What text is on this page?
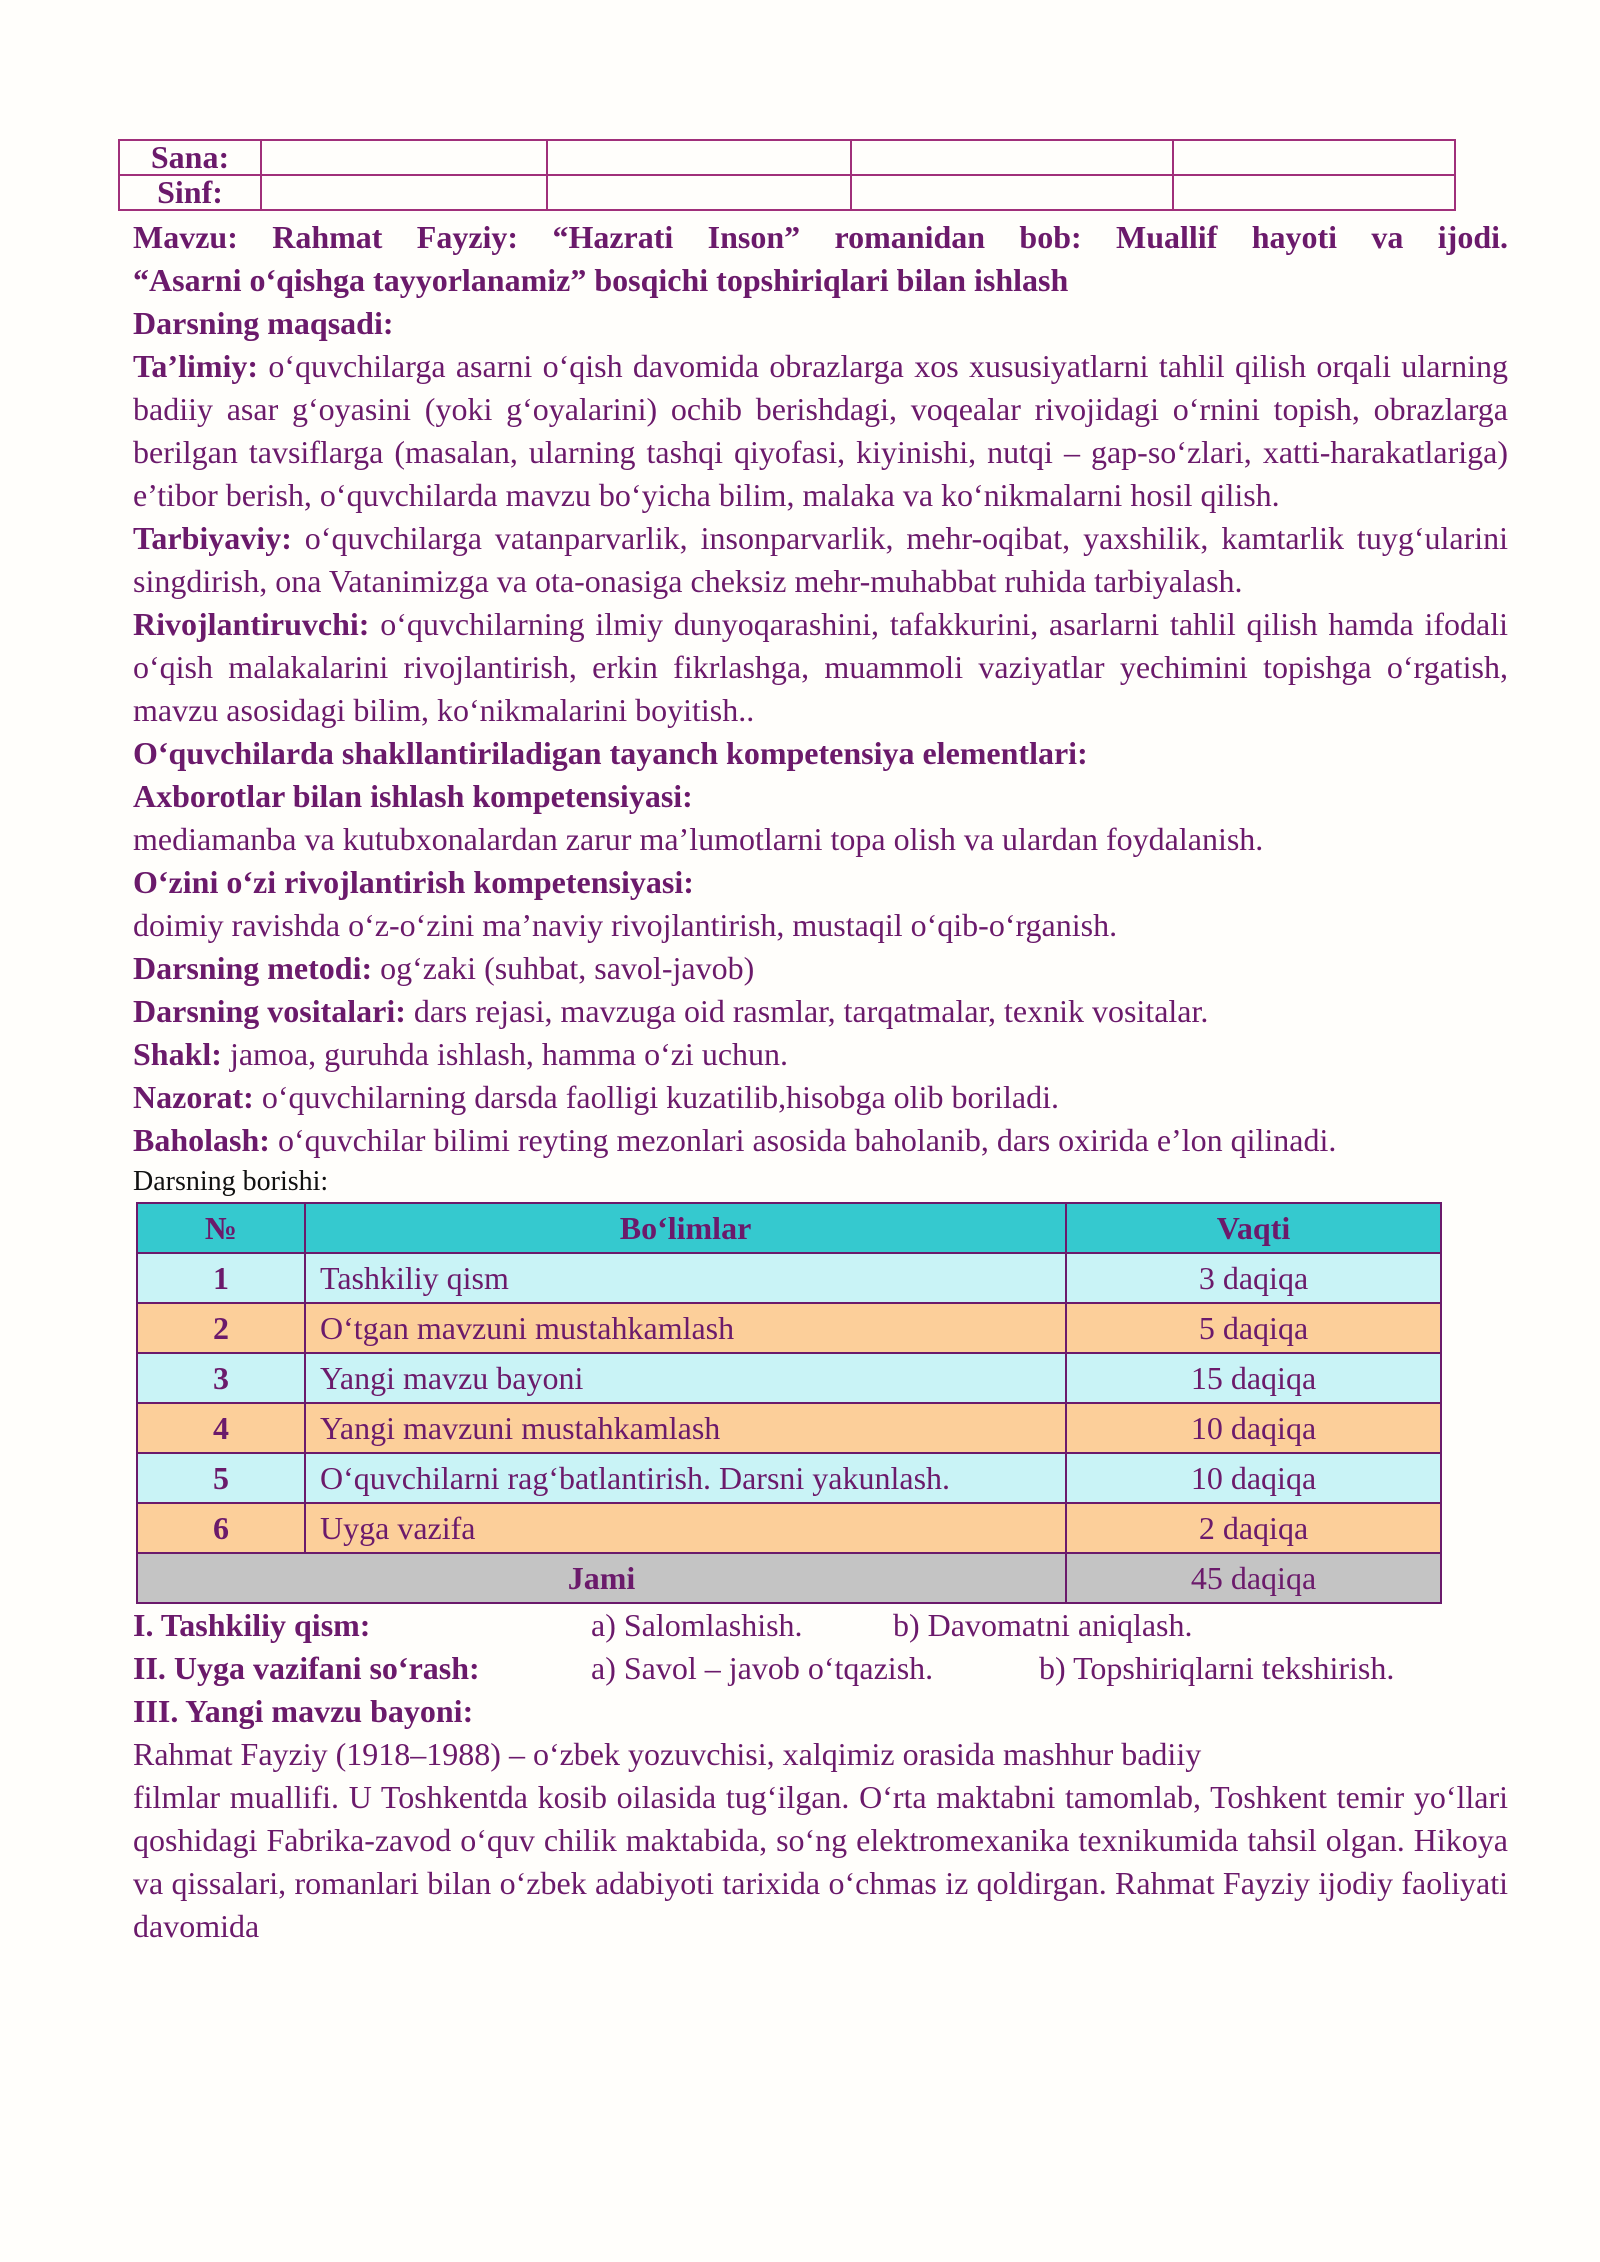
Sana:				
Sinf:				

Mavzu: Rahmat Fayziy: “Hazrati Inson” romanidan bob: Muallif hayoti va ijodi.

“Asarni o‘qishga tayyorlanamiz” bosqichi topshiriqlari bilan ishlash

Darsning maqsadi:

Ta’limiy: o‘quvchilarga asarni o‘qish davomida obrazlarga xos xususiyatlarni tahlil qilish orqali ularning badiiy asar g‘oyasini (yoki g‘oyalarini) ochib berishdagi, voqealar rivojidagi o‘rnini topish, obrazlarga berilgan tavsiflarga (masalan, ularning tashqi qiyofasi, kiyinishi, nutqi – gap-so‘zlari, xatti-harakatlariga) e’tibor berish, o‘quvchilarda mavzu bo‘yicha bilim, malaka va ko‘nikmalarni hosil qilish.

Tarbiyaviy: o‘quvchilarga vatanparvarlik, insonparvarlik, mehr-oqibat, yaxshilik, kamtarlik tuyg‘ularini singdirish, ona Vatanimizga va ota-onasiga cheksiz mehr-muhabbat ruhida tarbiyalash.

Rivojlantiruvchi: o‘quvchilarning ilmiy dunyoqarashini, tafakkurini, asarlarni tahlil qilish hamda ifodali o‘qish malakalarini rivojlantirish, erkin fikrlashga, muammoli vaziyatlar yechimini topishga o‘rgatish, mavzu asosidagi bilim, ko‘nikmalarini boyitish..

O‘quvchilarda shakllantiriladigan tayanch kompetensiya elementlari:

Axborotlar bilan ishlash kompetensiyasi:

mediamanba va kutubxonalardan zarur ma’lumotlarni topa olish va ulardan foydalanish.

O‘zini o‘zi rivojlantirish kompetensiyasi:

doimiy ravishda o‘z-o‘zini ma’naviy rivojlantirish, mustaqil o‘qib-o‘rganish.

Darsning metodi: og‘zaki (suhbat, savol-javob)

Darsning vositalari: dars rejasi, mavzuga oid rasmlar, tarqatmalar, texnik vositalar.

Shakl: jamoa, guruhda ishlash, hamma o‘zi uchun.

Nazorat: o‘quvchilarning darsda faolligi kuzatilib,hisobga olib boriladi.

Baholash: o‘quvchilar bilimi reyting mezonlari asosida baholanib, dars oxirida e’lon qilinadi.

Darsning borishi:

№	Bo‘limlar	Vaqti
1	Tashkiliy qism	3 daqiqa
2	O‘tgan mavzuni mustahkamlash	5 daqiqa
3	Yangi mavzu bayoni	15 daqiqa
4	Yangi mavzuni mustahkamlash	10 daqiqa
5	O‘quvchilarni rag‘batlantirish. Darsni yakunlash.	10 daqiqa
6	Uyga vazifa	2 daqiqa
Jami		45 daqiqa
I. Tashkiliy qism:	a) Salomlashish.	b) Davomatni aniqlash.
II. Uyga vazifani so‘rash:	a) Savol – javob o‘tqazish.	b) Topshiriqlarni tekshirish.

III. Yangi mavzu bayoni:

Rahmat Fayziy (1918–1988) – o‘zbek yozuvchisi, xalqimiz orasida mashhur badiiy

filmlar muallifi. U Toshkentda kosib oilasida tug‘ilgan. O‘rta maktabni tamomlab, Toshkent temir yo‘llari qoshidagi Fabrika-zavod o‘quv chilik maktabida, so‘ng elektromexanika texnikumida tahsil olgan. Hikoya va qissalari, romanlari bilan o‘zbek adabiyoti tarixida o‘chmas iz qoldirgan. Rahmat Fayziy ijodiy faoliyati davomida
